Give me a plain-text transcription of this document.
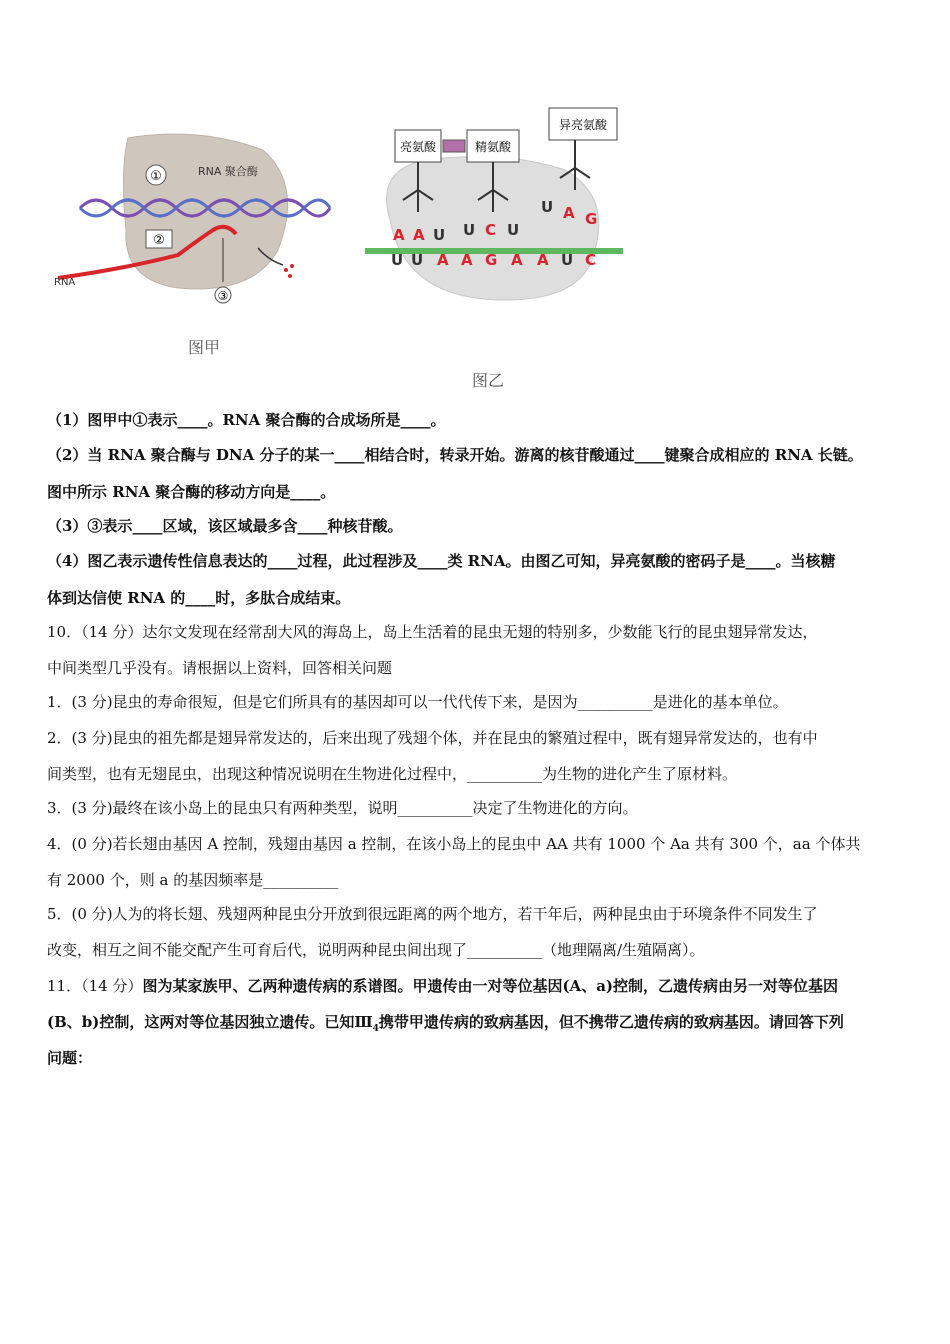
①	RNA 聚合酶
②
③
RNA
图甲
亮氨酸	精氨酸
异亮氨酸
A A U U C U
U A G
U U A A G A A U C
图乙
（1）图甲中①表示____。RNA 聚合酶的合成场所是____。
（2）当 RNA 聚合酶与 DNA 分子的某一____相结合时，转录开始。游离的核苷酸通过____键聚合成相应的 RNA 长链。
图中所示 RNA 聚合酶的移动方向是____。
（3）③表示____区域，该区域最多含____种核苷酸。
（4）图乙表示遗传性信息表达的____过程，此过程涉及____类 RNA。由图乙可知，异亮氨酸的密码子是____。当核糖
体到达信使 RNA 的____时，多肽合成结束。
10．（14 分）达尔文发现在经常刮大风的海岛上，岛上生活着的昆虫无翅的特别多，少数能飞行的昆虫翅异常发达，
中间类型几乎没有。请根据以上资料，回答相关问题
1．(3 分)昆虫的寿命很短，但是它们所具有的基因却可以一代代传下来，是因为__________是进化的基本单位。
2．(3 分)昆虫的祖先都是翅异常发达的，后来出现了残翅个体，并在昆虫的繁殖过程中，既有翅异常发达的，也有中
间类型，也有无翅昆虫，出现这种情况说明在生物进化过程中，__________为生物的进化产生了原材料。
3．(3 分)最终在该小岛上的昆虫只有两种类型，说明__________决定了生物进化的方向。
4．(0 分)若长翅由基因 A 控制，残翅由基因 a 控制，在该小岛上的昆虫中 AA 共有 1000 个 Aa 共有 300 个，aa 个体共
有 2000 个，则 a 的基因频率是__________
5．(0 分)人为的将长翅、残翅两种昆虫分开放到很远距离的两个地方，若干年后，两种昆虫由于环境条件不同发生了
改变，相互之间不能交配产生可育后代，说明两种昆虫间出现了__________（地理隔离/生殖隔离）。
11．（14 分）图为某家族甲、乙两种遗传病的系谱图。甲遗传由一对等位基因(A、a)控制，乙遗传病由另一对等位基因
(B、b)控制，这两对等位基因独立遗传。已知$Ⅲ_4$携带甲遗传病的致病基因，但不携带乙遗传病的致病基因。请回答下列
问题：
